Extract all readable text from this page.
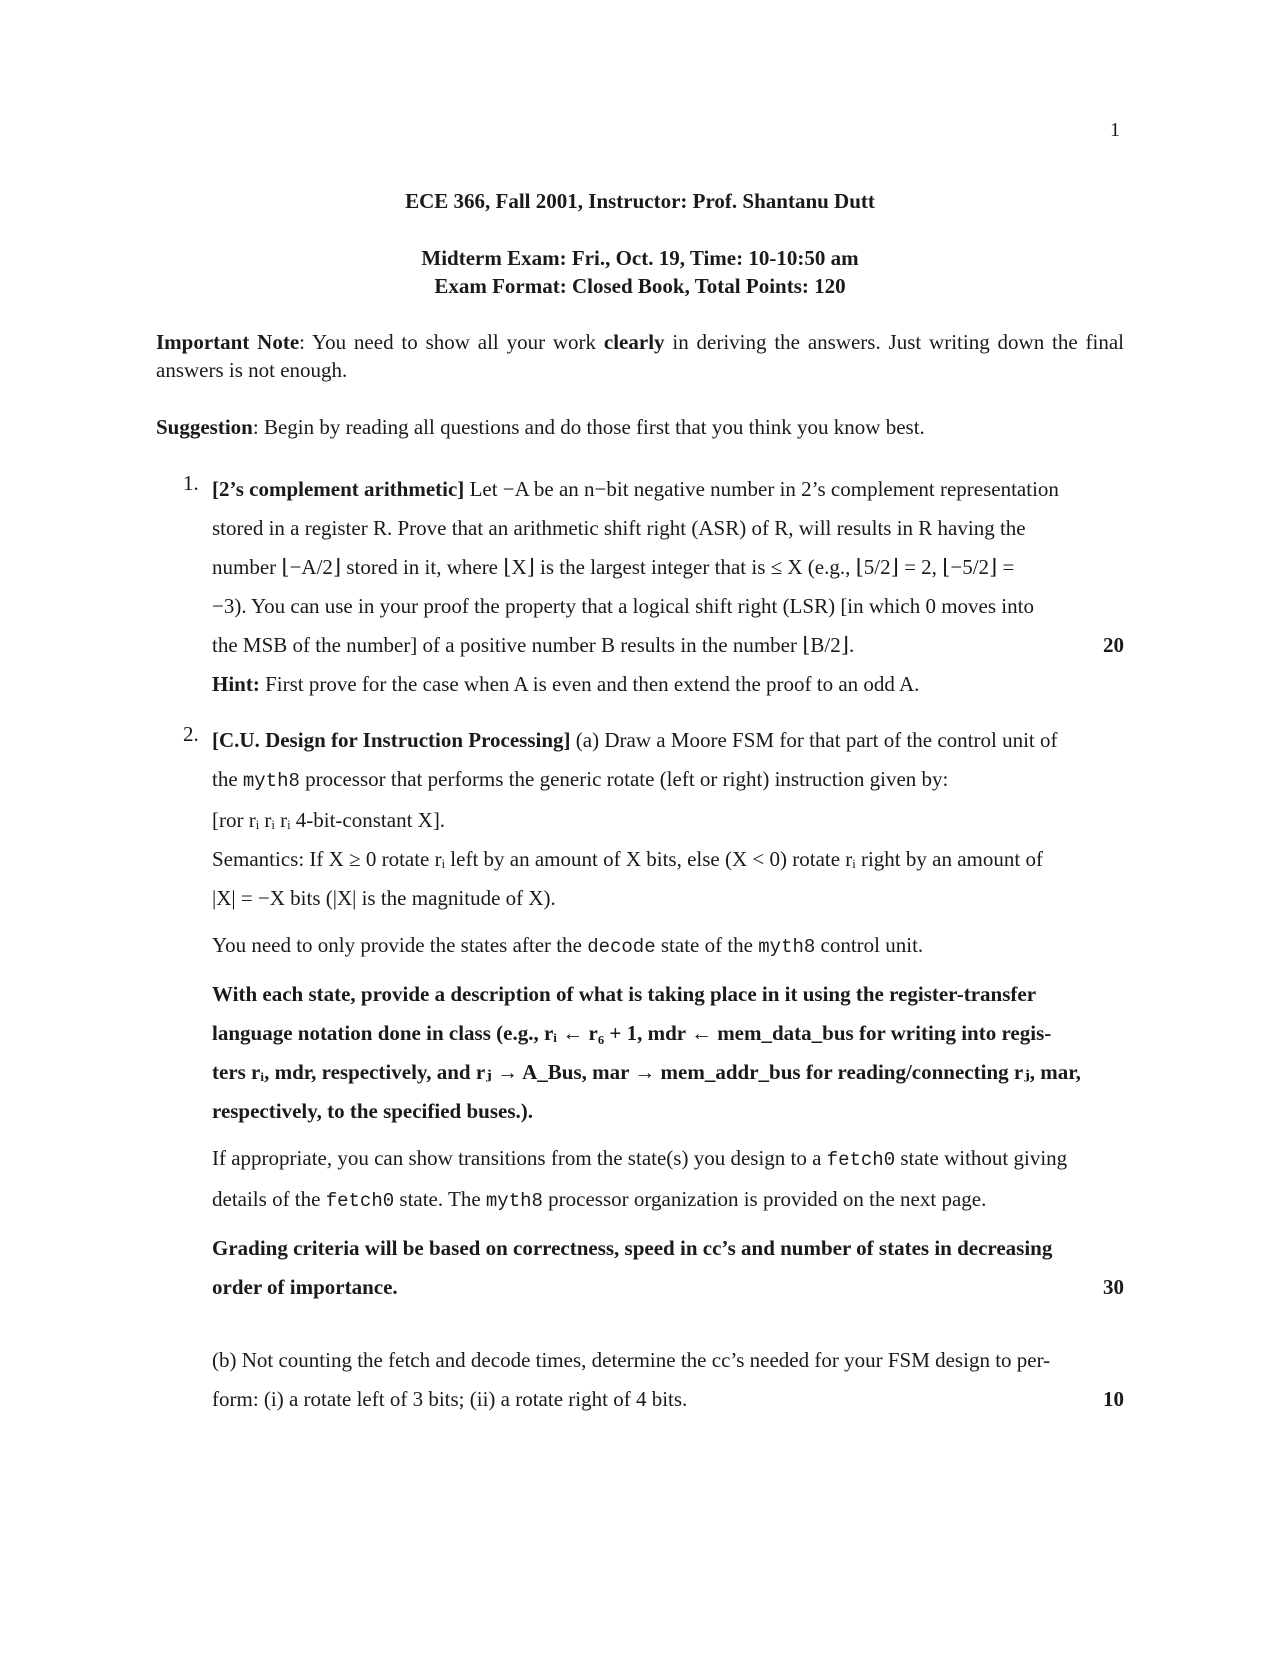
1
ECE 366, Fall 2001, Instructor: Prof. Shantanu Dutt
Midterm Exam: Fri., Oct. 19, Time: 10-10:50 am
Exam Format: Closed Book, Total Points: 120
Important Note: You need to show all your work clearly in deriving the answers. Just writing down the final answers is not enough.
Suggestion: Begin by reading all questions and do those first that you think you know best.
1. [2’s complement arithmetic] Let −A be an n−bit negative number in 2’s complement representation
stored in a register R. Prove that an arithmetic shift right (ASR) of R, will results in R having the
number ⌊−A/2⌋ stored in it, where ⌊X⌋ is the largest integer that is ≤ X (e.g., ⌊5/2⌋ = 2, ⌊−5/2⌋ =
−3). You can use in your proof the property that a logical shift right (LSR) [in which 0 moves into
the MSB of the number] of a positive number B results in the number ⌊B/2⌋.	20
Hint: First prove for the case when A is even and then extend the proof to an odd A.
2. [C.U. Design for Instruction Processing] (a) Draw a Moore FSM for that part of the control unit of
the myth8 processor that performs the generic rotate (left or right) instruction given by:
[ror rᵢ rᵢ rᵢ 4-bit-constant X].
Semantics: If X ≥ 0 rotate rᵢ left by an amount of X bits, else (X < 0) rotate rᵢ right by an amount of
|X| = −X bits (|X| is the magnitude of X).
You need to only provide the states after the decode state of the myth8 control unit.
With each state, provide a description of what is taking place in it using the register-transfer
language notation done in class (e.g., rᵢ ← r₆ + 1, mdr ← mem_data_bus for writing into regis-
ters rᵢ, mdr, respectively, and rⱼ → A_Bus, mar → mem_addr_bus for reading/connecting rⱼ, mar,
respectively, to the specified buses.).
If appropriate, you can show transitions from the state(s) you design to a fetch0 state without giving
details of the fetch0 state. The myth8 processor organization is provided on the next page.
Grading criteria will be based on correctness, speed in cc’s and number of states in decreasing
order of importance.	30
(b) Not counting the fetch and decode times, determine the cc’s needed for your FSM design to per-
form: (i) a rotate left of 3 bits; (ii) a rotate right of 4 bits.	10
